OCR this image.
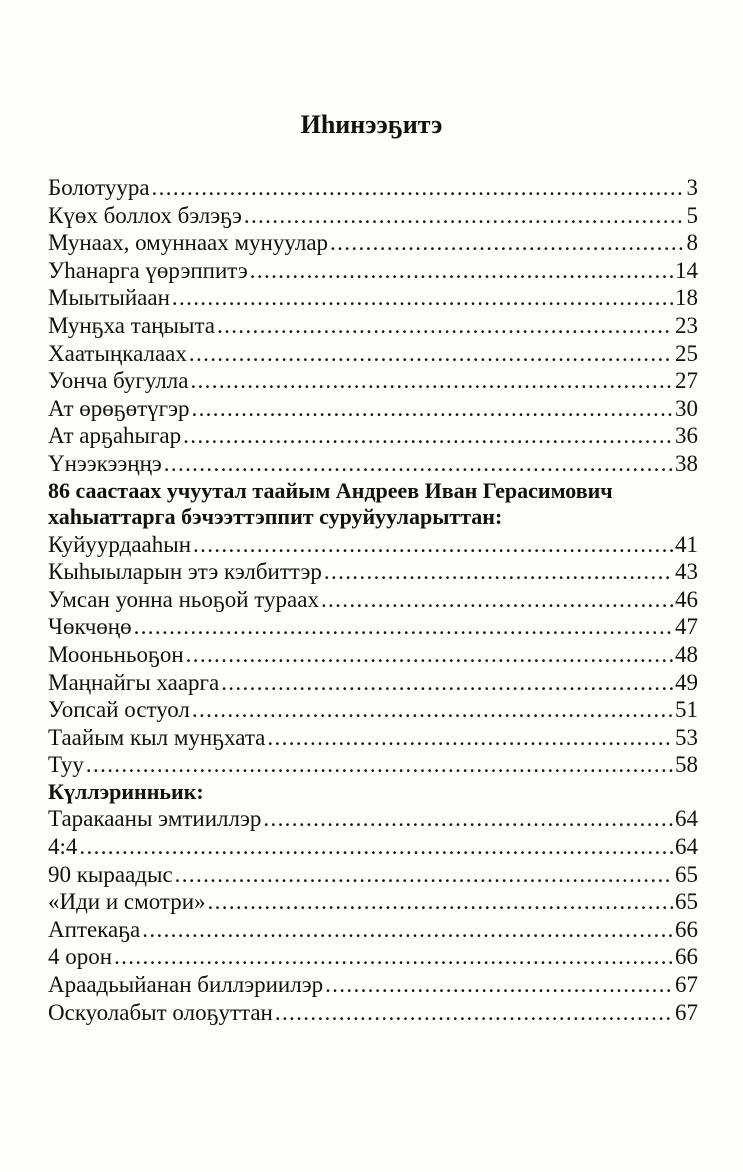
Иһинээҕитэ
Болотуура . . .	3
Күөх боллох бэлэҕэ . . .	5
Мунаах, омуннаах мунуулар . . .	8
Уһанарга үөрэппитэ . . .	14
Мыытыйаан . . .	18
Мунҕха таңыыта . . .	23
Хаатыңкалаах . . .	25
Уонча бугулла . . .	27
Ат өрөҕөтүгэр . . .	30
Ат арҕаһыгар . . .	36
Үнээкээңңэ . . .	38
86 саастаах учуутал таайым Андреев Иван Герасимович
хаһыаттарга бэчээттэппит суруйууларыттан:
Куйуурдааһын . . .	41
Кыһыыларын этэ кэлбиттэр . . .	43
Умсан уонна ньоҕой тураах . . .	46
Чөкчөңө . . .	47
Мооньньоҕон . . .	48
Маңнайгы хаарга . . .	49
Уопсай остуол . . .	51
Таайым кыл мунҕхата . . .	53
Туу . . .	58
Күллэринньик:
Таракааны эмтииллэр . . .	64
4:4 . . .	64
90 кыраадыс . . .	65
«Иди и смотри» . . .	65
Аптекаҕа . . .	66
4 орон . . .	66
Араадьыйанан биллэриилэр . . .	67
Оскуолабыт олоҕуттан . . .	67
